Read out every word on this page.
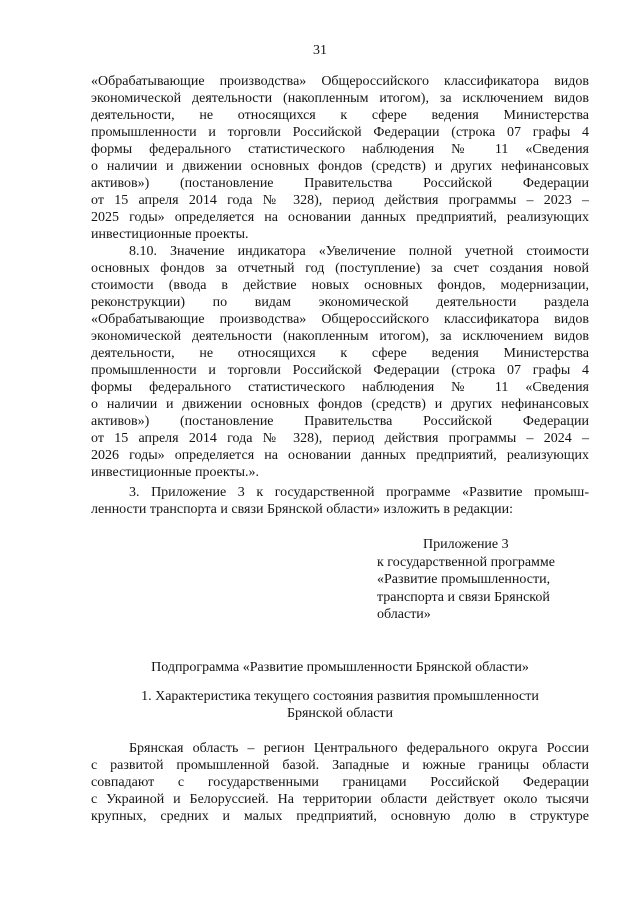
31
«Обрабатывающие производства» Общероссийского классификатора видов
экономической деятельности (накопленным итогом), за исключением видов
деятельности, не относящихся к сфере ведения Министерства
промышленности и торговли Российской Федерации (строка 07 графы 4
формы федерального статистического наблюдения № 11 «Сведения
о наличии и движении основных фондов (средств) и других нефинансовых
активов») (постановление Правительства Российской Федерации
от 15 апреля 2014 года № 328), период действия программы – 2023 –
2025 годы» определяется на основании данных предприятий, реализующих
инвестиционные проекты.
8.10. Значение индикатора «Увеличение полной учетной стоимости
основных фондов за отчетный год (поступление) за счет создания новой
стоимости (ввода в действие новых основных фондов, модернизации,
реконструкции) по видам экономической деятельности раздела
«Обрабатывающие производства» Общероссийского классификатора видов
экономической деятельности (накопленным итогом), за исключением видов
деятельности, не относящихся к сфере ведения Министерства
промышленности и торговли Российской Федерации (строка 07 графы 4
формы федерального статистического наблюдения № 11 «Сведения
о наличии и движении основных фондов (средств) и других нефинансовых
активов») (постановление Правительства Российской Федерации
от 15 апреля 2014 года № 328), период действия программы – 2024 –
2026 годы» определяется на основании данных предприятий, реализующих
инвестиционные проекты.».
3. Приложение 3 к государственной программе «Развитие промыш-
ленности транспорта и связи Брянской области» изложить в редакции:
Приложение 3
к государственной программе
«Развитие промышленности,
транспорта и связи Брянской
области»
Подпрограмма «Развитие промышленности Брянской области»
1. Характеристика текущего состояния развития промышленности
Брянской области
Брянская область – регион Центрального федерального округа России
с развитой промышленной базой. Западные и южные границы области
совпадают с государственными границами Российской Федерации
с Украиной и Белоруссией. На территории области действует около тысячи
крупных, средних и малых предприятий, основную долю в структуре
